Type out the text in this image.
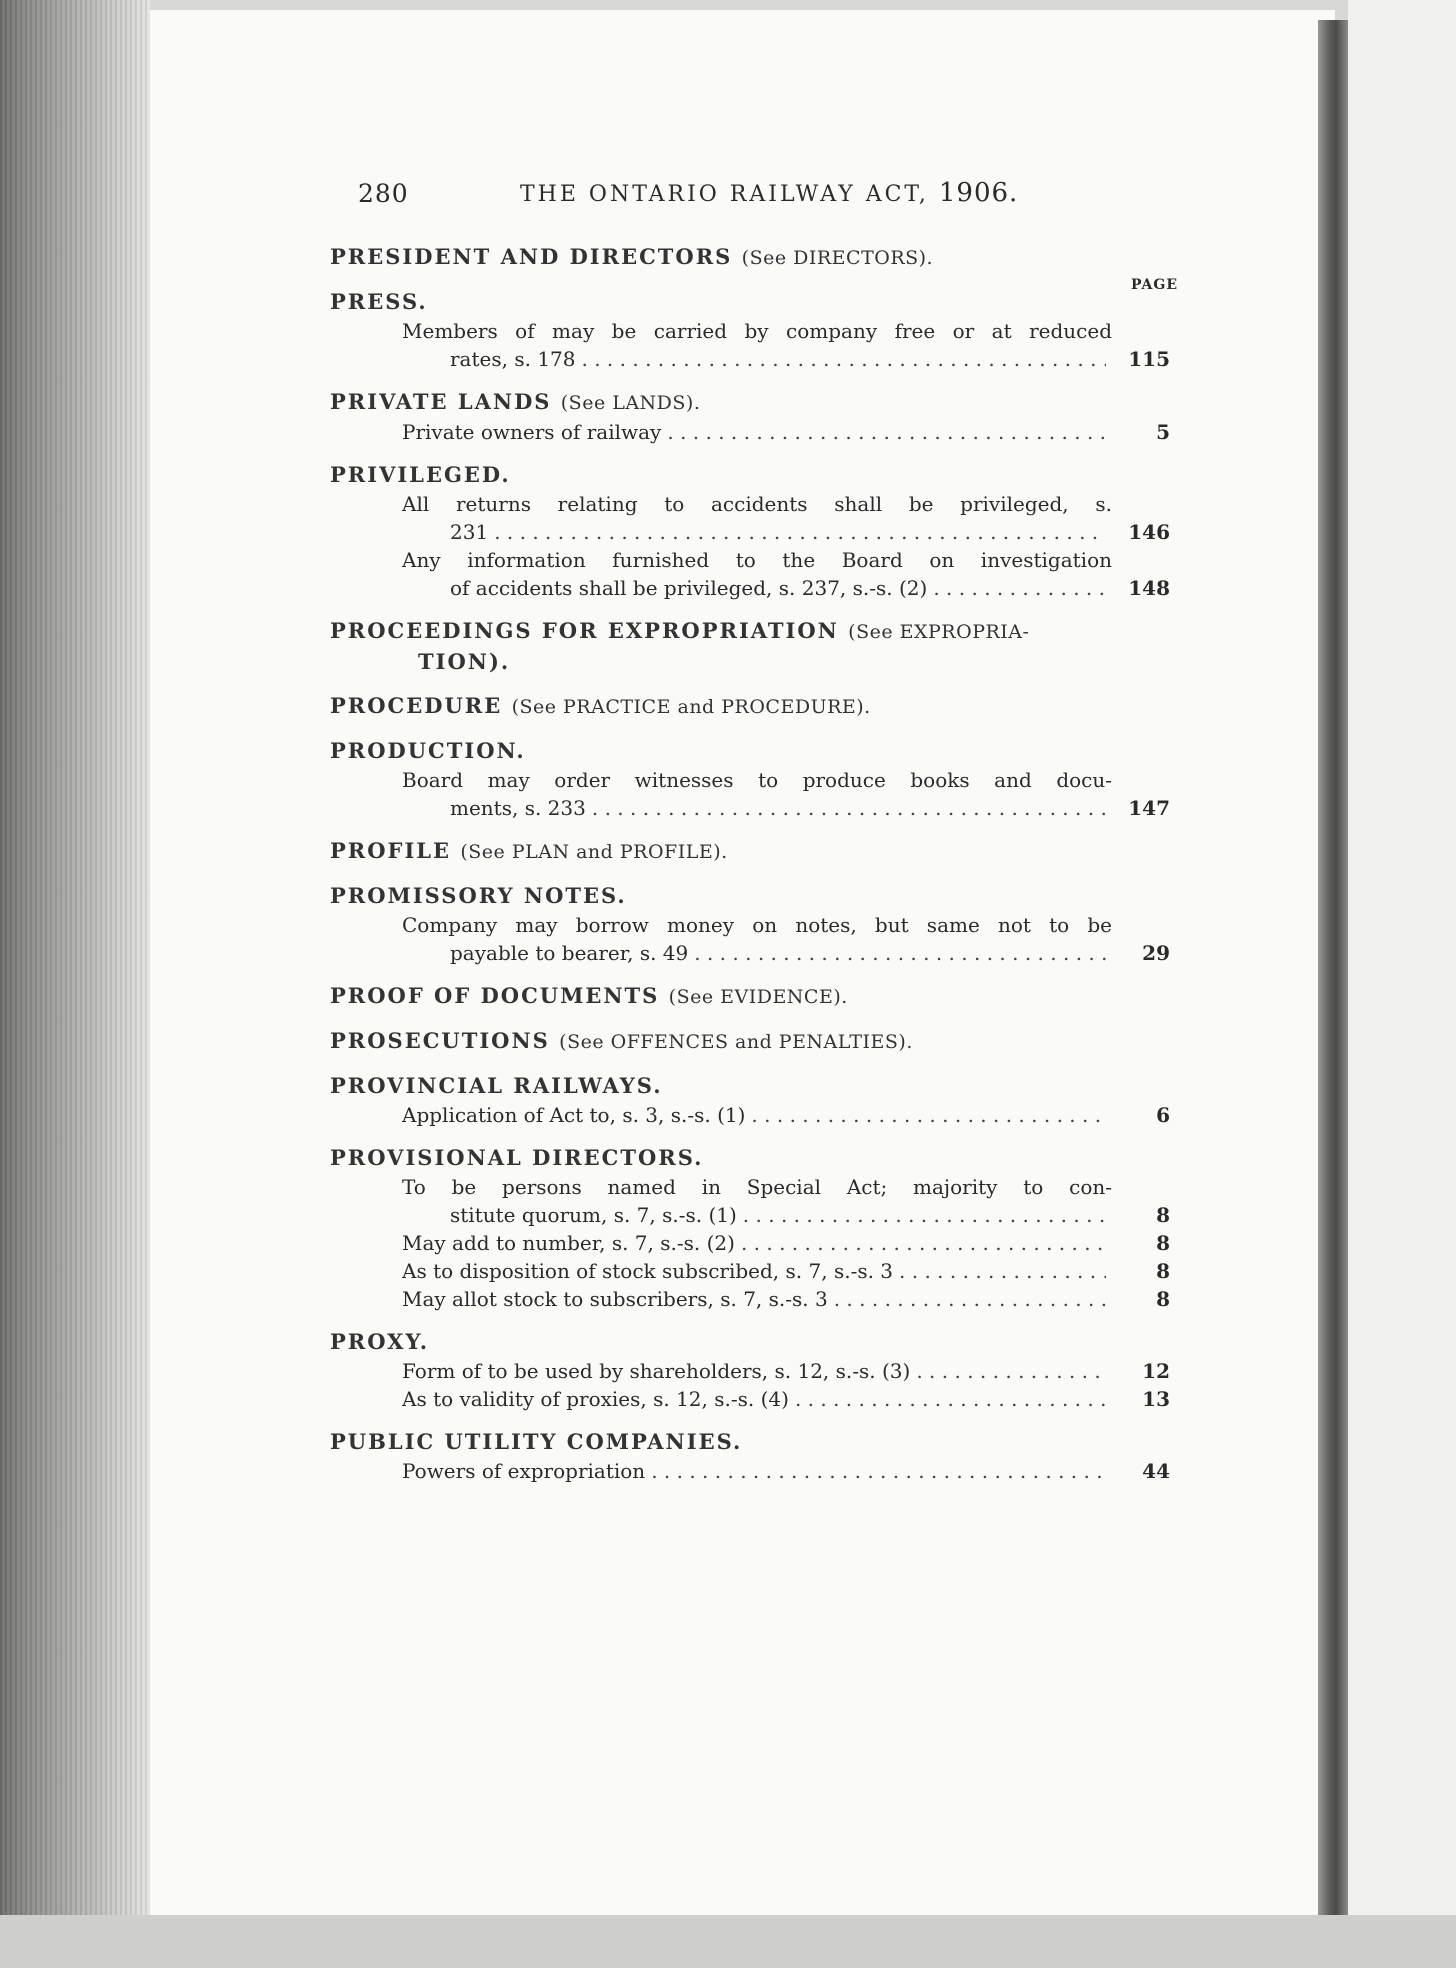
280	THE ONTARIO RAILWAY ACT, 1906.
PAGE
PRESIDENT AND DIRECTORS (See DIRECTORS).
PRESS.
Members of may be carried by company free or at reduced
rates, s. 178 . . .	115
PRIVATE LANDS (See LANDS).
Private owners of railway . . .	5
PRIVILEGED.
All returns relating to accidents shall be privileged, s.
231 . . .	146
Any information furnished to the Board on investigation
of accidents shall be privileged, s. 237, s.-s. (2) . . .	148
PROCEEDINGS FOR EXPROPRIATION (See EXPROPRIA-
TION).
PROCEDURE (See PRACTICE and PROCEDURE).
PRODUCTION.
Board may order witnesses to produce books and docu-
ments, s. 233 . . .	147
PROFILE (See PLAN and PROFILE).
PROMISSORY NOTES.
Company may borrow money on notes, but same not to be
payable to bearer, s. 49 . . .	29
PROOF OF DOCUMENTS (See EVIDENCE).
PROSECUTIONS (See OFFENCES and PENALTIES).
PROVINCIAL RAILWAYS.
Application of Act to, s. 3, s.-s. (1) . . .	6
PROVISIONAL DIRECTORS.
To be persons named in Special Act; majority to con-
stitute quorum, s. 7, s.-s. (1) . . .	8
May add to number, s. 7, s.-s. (2) . . .	8
As to disposition of stock subscribed, s. 7, s.-s. 3 . . .	8
May allot stock to subscribers, s. 7, s.-s. 3 . . .	8
PROXY.
Form of to be used by shareholders, s. 12, s.-s. (3) . . .	12
As to validity of proxies, s. 12, s.-s. (4) . . .	13
PUBLIC UTILITY COMPANIES.
Powers of expropriation . . .	44
